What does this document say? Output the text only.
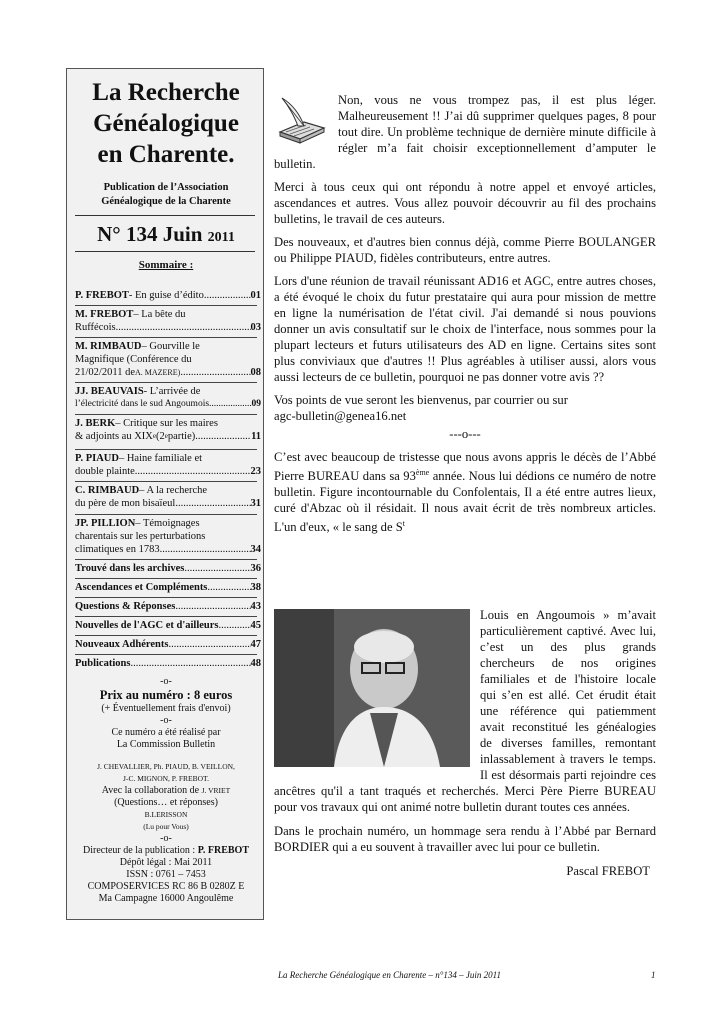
La Recherche
Généalogique
en Charente.
Publication de l’Association
Généalogique de la Charente
N° 134 Juin 2011
Sommaire :
P. FREBOT - En guise d’édito .....	01
M. FREBOT – La bête du
Ruffécois .....	03
M. RIMBAUD – Gourville le
Magnifique (Conférence du
21/02/2011 de A. MAZERE) .....	08
JJ. BEAUVAIS - L’arrivée de
l’électricité dans le sud Angoumois .....	09
J. BERK – Critique sur les maires
& adjoints au XIX e (2 e partie) .....	11
P. PIAUD – Haine familiale et
double plainte .....	23
C. RIMBAUD – A la recherche
du père de mon bisaïeul .....	31
JP. PILLION – Témoignages
charentais sur les perturbations
climatiques en 1783 .....	34
Trouvé dans les archives .....	36
Ascendances et Compléments .....	38
Questions & Réponses .....	43
Nouvelles de l'AGC et d'ailleurs .....	45
Nouveaux Adhérents .....	47
Publications .....	48
-o-
Prix au numéro : 8 euros
(+ Éventuellement frais d'envoi)
-o-
Ce numéro a été réalisé par
La Commission Bulletin
J. CHEVALLIER, Ph. PIAUD, B. VEILLON,
J-C. MIGNON, P. FREBOT.
Avec la collaboration de J. VRIET
(Questions… et réponses)
B.LERISSON
(Lu pour Vous)
-o-
Directeur de la publication : P. FREBOT
Dépôt légal : Mai 2011
ISSN : 0761 – 7453
COMPOSERVICES RC 86 B 0280Z E
Ma Campagne 16000 Angoulême

Non, vous ne vous trompez pas, il est plus léger. Malheureusement !! J’ai dû supprimer quelques pages, 8 pour tout dire. Un problème technique de dernière minute difficile à régler m’a fait choisir exceptionnellement d’amputer le bulletin.

Merci à tous ceux qui ont répondu à notre appel et envoyé articles, ascendances et autres. Vous allez pouvoir découvrir au fil des prochains bulletins, le travail de ces auteurs.

Des nouveaux, et d'autres bien connus déjà, comme Pierre BOULANGER ou Philippe PIAUD, fidèles contributeurs, entre autres.

Lors d'une réunion de travail réunissant AD16 et AGC, entre autres choses, a été évoqué le choix du futur prestataire qui aura pour mission de mettre en ligne la numérisation de l'état civil. J'ai demandé si nous pouvions donner un avis consultatif sur le choix de l'interface, nous sommes pour la plupart lecteurs et futurs utilisateurs des AD en ligne. Certains sites sont plus conviviaux que d'autres !! Plus agréables à utiliser aussi, alors vous aussi lecteurs de ce bulletin, pourquoi ne pas donner votre avis ??

Vos points de vue seront les bienvenus, par courrier ou sur
agc-bulletin@genea16.net

---o---

C’est avec beaucoup de tristesse que nous avons appris le décès de l’Abbé Pierre BUREAU dans sa 93ème année. Nous lui dédions ce numéro de notre bulletin. Figure incontournable du Confolentais, Il a été entre autres lieux, curé d'Abzac où il résidait. Il nous avait écrit de très nombreux articles. L'un d'eux, « le sang de $S^t$

Louis en Angoumois » m’avait particulièrement captivé. Avec lui, c’est un des plus grands chercheurs de nos origines familiales et de l'histoire locale qui s’en est allé. Cet érudit était une référence qui patiemment avait reconstitué les généalogies de diverses familles, remontant inlassablement à travers le temps. Il est désormais parti rejoindre ces ancêtres qu'il a tant traqués et recherchés. Merci Père Pierre BUREAU pour vos travaux qui ont animé notre bulletin durant toutes ces années.

Dans le prochain numéro, un hommage sera rendu à l’Abbé par Bernard BORDIER qui a eu souvent à travailler avec lui pour ce bulletin.

Pascal FREBOT

La Recherche Généalogique en Charente – n°134 – Juin 2011	1
